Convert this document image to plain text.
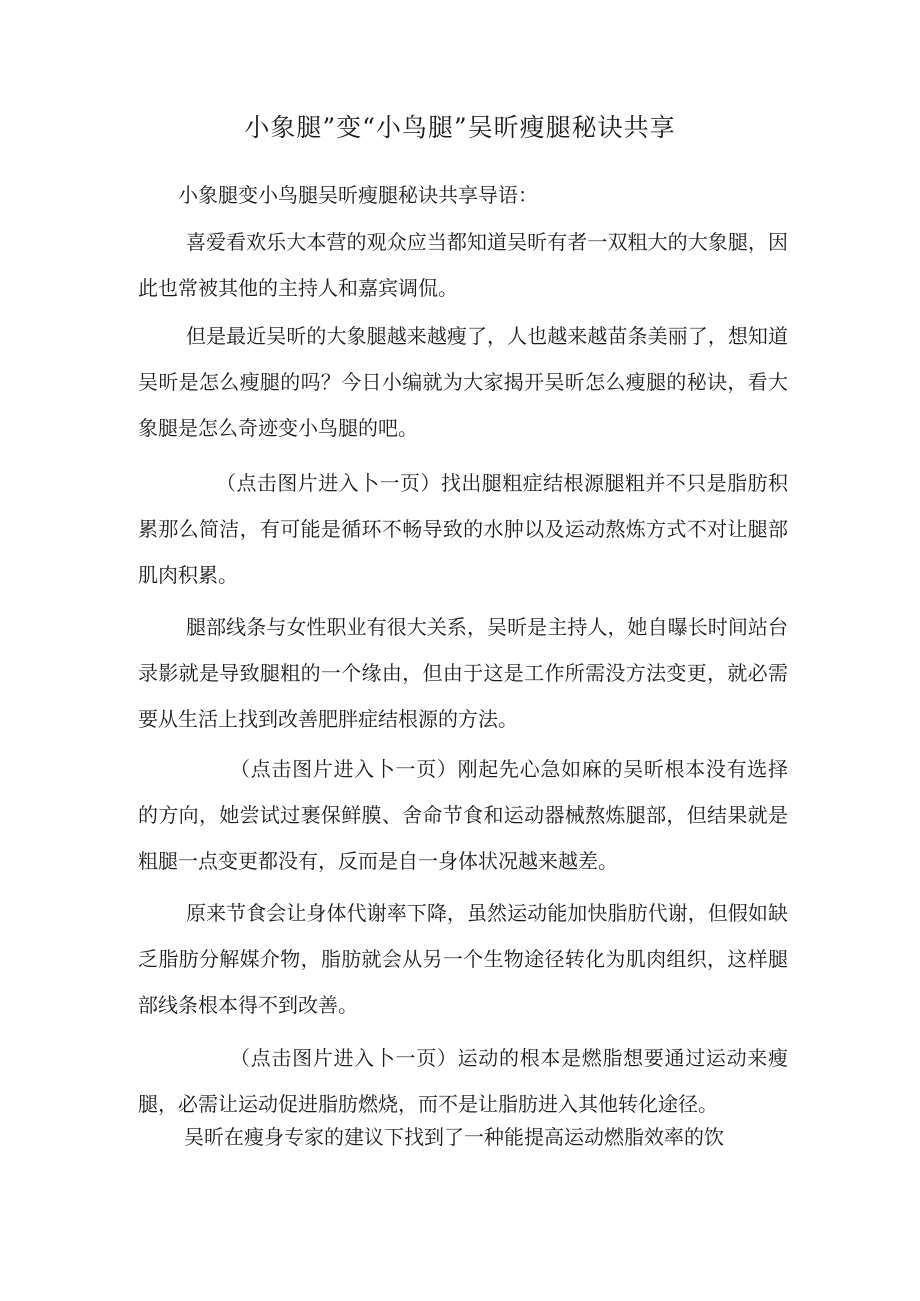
小象腿”变“小鸟腿”吴昕瘦腿秘诀共享

小象腿变小鸟腿吴昕瘦腿秘诀共享导语：

喜爱看欢乐大本营的观众应当都知道吴昕有者一双粗大的大象腿，因此也常被其他的主持人和嘉宾调侃。

但是最近吴昕的大象腿越来越瘦了，人也越来越苗条美丽了，想知道吴昕是怎么瘦腿的吗？今日小编就为大家揭开吴昕怎么瘦腿的秘诀，看大象腿是怎么奇迹变小鸟腿的吧。

（点击图片进入卜一页）找出腿粗症结根源腿粗并不只是脂肪积累那么简洁，有可能是循环不畅导致的水肿以及运动熬炼方式不对让腿部肌肉积累。

腿部线条与女性职业有很大关系，吴昕是主持人，她自曝长时间站台录影就是导致腿粗的一个缘由，但由于这是工作所需没方法变更，就必需要从生活上找到改善肥胖症结根源的方法。

（点击图片进入卜一页）刚起先心急如麻的吴昕根本没有选择的方向，她尝试过裹保鲜膜、舍命节食和运动器械熬炼腿部，但结果就是粗腿一点变更都没有，反而是自一身体状况越来越差。

原来节食会让身体代谢率下降，虽然运动能加快脂肪代谢，但假如缺乏脂肪分解媒介物，脂肪就会从另一个生物途径转化为肌肉组织，这样腿部线条根本得不到改善。

（点击图片进入卜一页）运动的根本是燃脂想要通过运动来瘦腿，必需让运动促进脂肪燃烧，而不是让脂肪进入其他转化途径。

吴昕在瘦身专家的建议下找到了一种能提高运动燃脂效率的饮
